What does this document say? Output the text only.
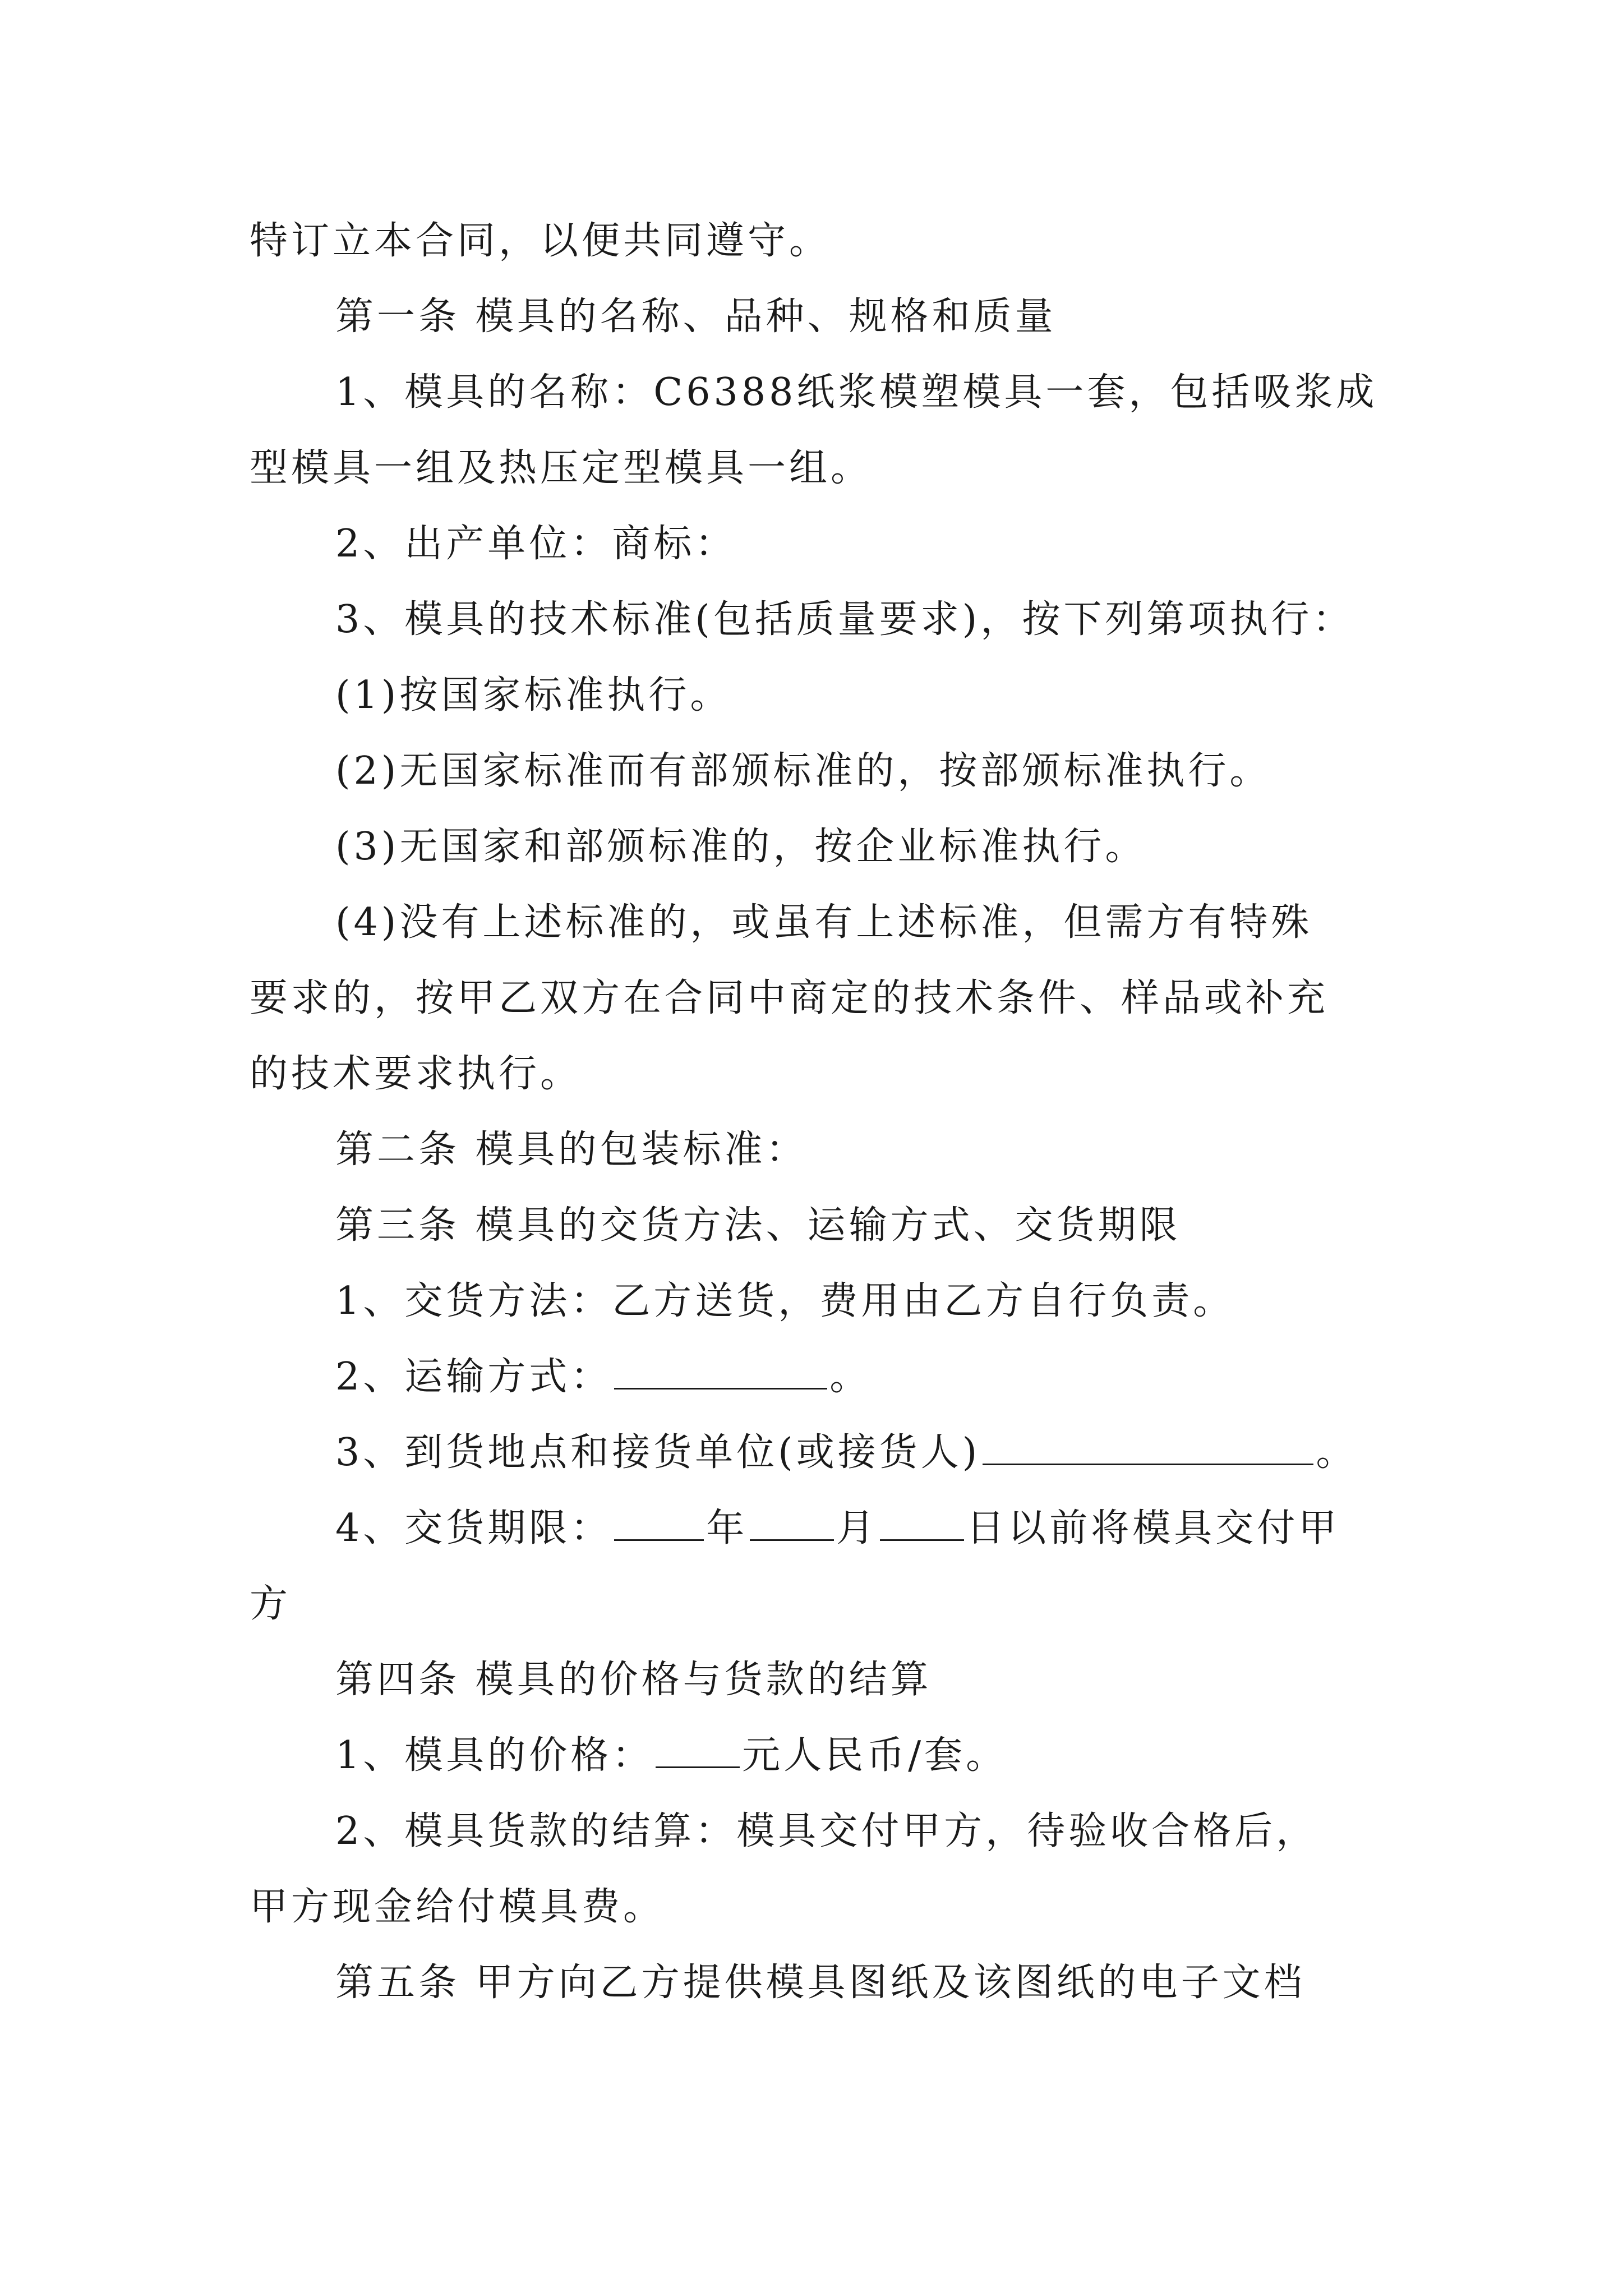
特订立本合同，以便共同遵守。
第一条 模具的名称、品种、规格和质量
1、模具的名称：C6388纸浆模塑模具一套，包括吸浆成
型模具一组及热压定型模具一组。
2、出产单位：商标：
3、模具的技术标准(包括质量要求)，按下列第项执行：
(1)按国家标准执行。
(2)无国家标准而有部颁标准的，按部颁标准执行。
(3)无国家和部颁标准的，按企业标准执行。
(4)没有上述标准的，或虽有上述标准，但需方有特殊
要求的，按甲乙双方在合同中商定的技术条件、样品或补充
的技术要求执行。
第二条 模具的包装标准：
第三条 模具的交货方法、运输方式、交货期限
1、交货方法：乙方送货，费用由乙方自行负责。
2、运输方式：	。
3、到货地点和接货单位(或接货人)	。
4、交货期限： 年 月 日以前将模具交付甲
方
第四条 模具的价格与货款的结算
1、模具的价格： 元人民币/套。
2、模具货款的结算：模具交付甲方，待验收合格后，
甲方现金给付模具费。
第五条 甲方向乙方提供模具图纸及该图纸的电子文档
